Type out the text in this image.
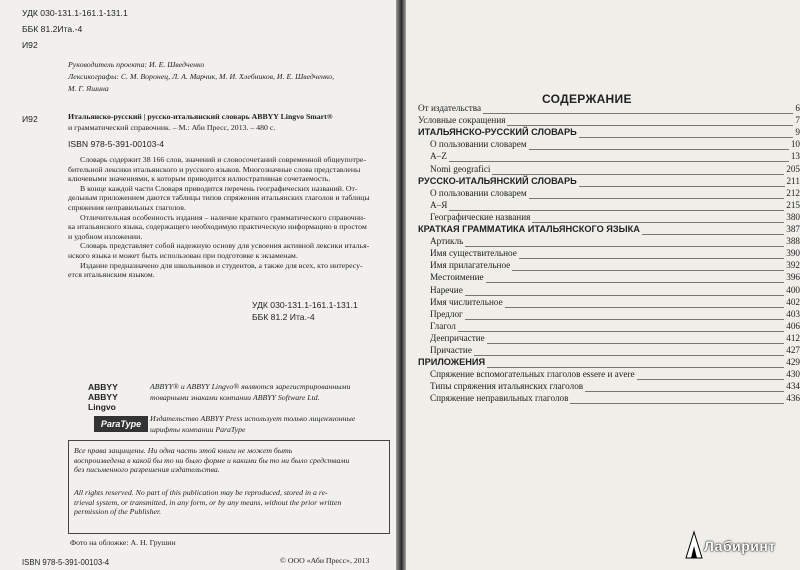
УДК 030-131.1-161.1-131.1
ББК 81.2Ита.-4
И92
Руководитель проекта: И. Е. Шведченко
Лексикографы: С. М. Воронец, Л. А. Марчик, М. И. Хлебников, И. Е. Шведченко,
М. Г. Яшина
И92	Итальянско-русский | русско-итальянский словарь ABBYY Lingvo Smart®
и грамматический справочник. – М.: Аби Пресс, 2013. – 480 с.
ISBN 978-5-391-00103-4
Словарь содержит 38 166 слов, значений и словосочетаний современной общеупотре-
бительной лексики итальянского и русского языков. Многозначные слова представлены
ключевыми значениями, к которым приводится иллюстративная сочетаемость.
В конце каждой части Словаря приводится перечень географических названий. От-
дельным приложением даются таблицы типов спряжения итальянских глаголов и таблицы
спряжения неправильных глаголов.
Отличительная особенность издания – наличие краткого грамматического справочни-
ка итальянского языка, содержащего необходимую практическую информацию в простом
и удобном изложении.
Словарь представляет собой надежную основу для усвоения активной лексики италья-
нского языка и может быть использован при подготовке к экзаменам.
Издание предназначено для школьников и студентов, а также для всех, кто интересу-
ется итальянским языком.
УДК 030-131.1-161.1-131.1
ББК 81.2 Ита.-4
ABBYY
ABBYY Lingvo
ABBYY® и ABBYY Lingvo® являются зарегистрированными
товарными знаками компании ABBYY Software Ltd.
ParaType
Издательство ABBYY Press использует только лицензионные
шрифты компании ParaType
Все права защищены. Ни одна часть этой книги не может быть
воспроизведена в какой бы то ни было форме и какими бы то ни было средствами
без письменного разрешения издательства.
All rights reserved. No part of this publication may be reproduced, stored in a re-
trieval system, or transmitted, in any form, or by any means, without the prior written
permission of the Publisher.
Фото на обложке: А. Н. Грушин
ISBN 978-5-391-00103-4	© ООО «Аби Пресс», 2013
СОДЕРЖАНИЕ
От издательства	6
Условные сокращения	7
ИТАЛЬЯНСКО-РУССКИЙ СЛОВАРЬ	9
О пользовании словарем	10
A–Z	13
Nomi geografici	205
РУССКО-ИТАЛЬЯНСКИЙ СЛОВАРЬ	211
О пользовании словарем	212
А–Я	215
Географические названия	380
КРАТКАЯ ГРАММАТИКА ИТАЛЬЯНСКОГО ЯЗЫКА	387
Артикль	388
Имя существительное	390
Имя прилагательное	392
Местоимение	396
Наречие	400
Имя числительное	402
Предлог	403
Глагол	406
Деепричастие	412
Причастие	427
ПРИЛОЖЕНИЯ	429
Спряжение вспомогательных глаголов essere и avere	430
Типы спряжения итальянских глаголов	434
Спряжение неправильных глаголов	436
Лабиринт
